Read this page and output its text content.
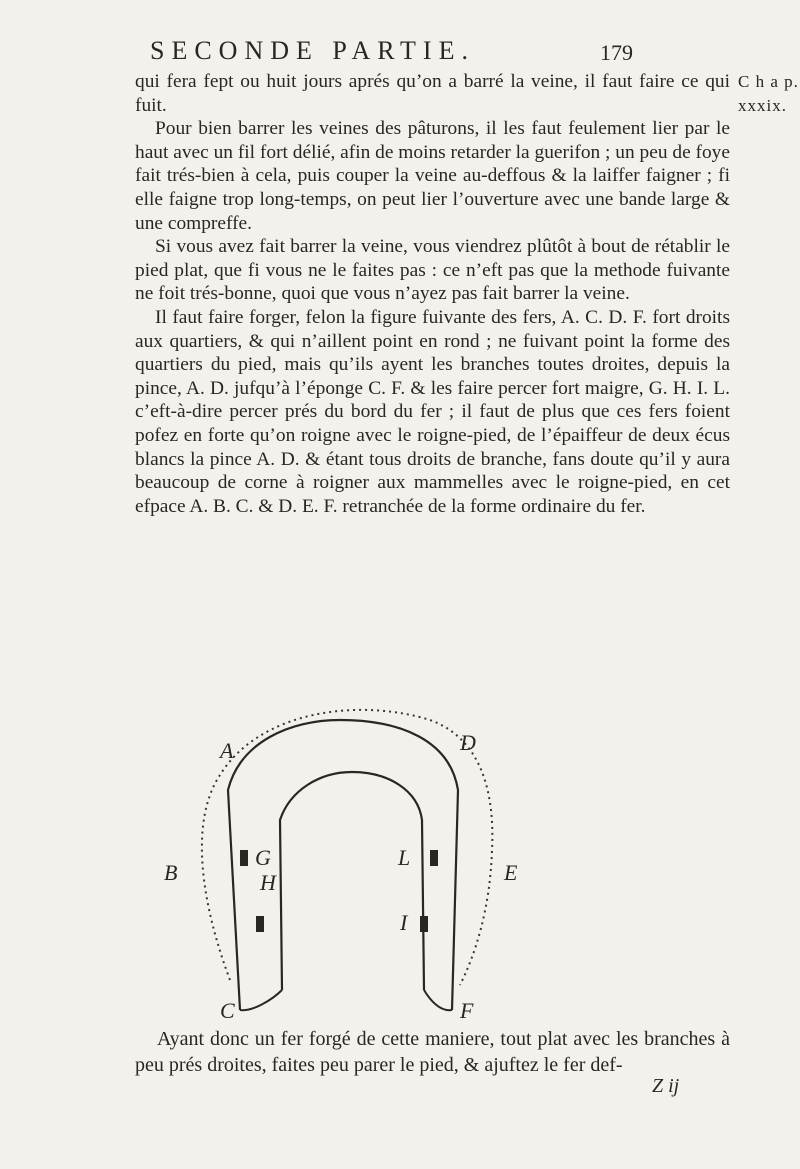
SECONDE PARTIE.	179
C h a p.
xxxix.

qui fera fept ou huit jours aprés qu’on a barré la veine, il faut faire ce qui fuit.

Pour bien barrer les veines des pâturons, il les faut feulement lier par le haut avec un fil fort délié, afin de moins retarder la guerifon ; un peu de foye fait trés-bien à cela, puis couper la veine au-deffous & la laiffer faigner ; fi elle faigne trop long-temps, on peut lier l’ouverture avec une bande large & une compreffe.

Si vous avez fait barrer la veine, vous viendrez plûtôt à bout de rétablir le pied plat, que fi vous ne le faites pas : ce n’eft pas que la methode fuivante ne foit trés-bonne, quoi que vous n’ayez pas fait barrer la veine.

Il faut faire forger, felon la figure fuivante des fers, A. C. D. F. fort droits aux quartiers, & qui n’aillent point en rond ; ne fuivant point la forme des quartiers du pied, mais qu’ils ayent les branches toutes droites, depuis la pince, A. D. jufqu’à l’éponge C. F. & les faire percer fort maigre, G. H. I. L. c’eft-à-dire percer prés du bord du fer ; il faut de plus que ces fers foient pofez en forte qu’on roigne avec le roigne-pied, de l’épaiffeur de deux écus blancs la pince A. D. & étant tous droits de branche, fans doute qu’il y aura beaucoup de corne à roigner aux mammelles avec le roigne-pied, en cet efpace A. B. C. & D. E. F. retranchée de la forme ordinaire du fer.

A	D
B	E
G
H
L
I
C	F

Ayant donc un fer forgé de cette maniere, tout plat avec les branches à peu prés droites, faites peu parer le pied, & ajuftez le fer def-

Z ij
